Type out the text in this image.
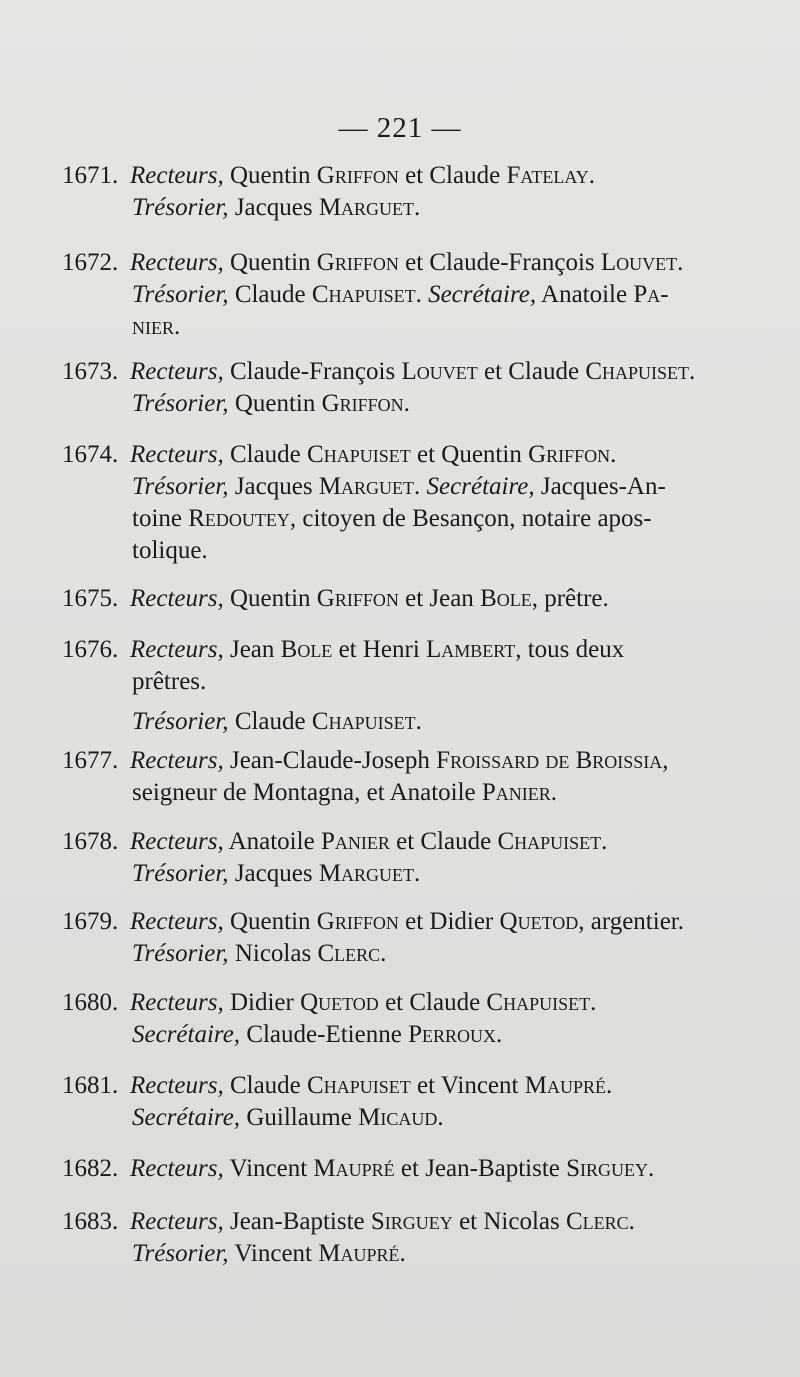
— 221 —
1671. Recteurs, Quentin Griffon et Claude Fatelay.
Trésorier, Jacques Marguet.
1672. Recteurs, Quentin Griffon et Claude-François Louvet.
Trésorier, Claude Chapuiset. Secrétaire, Anatoile Pa-
nier.
1673. Recteurs, Claude-François Louvet et Claude Chapuiset.
Trésorier, Quentin Griffon.
1674. Recteurs, Claude Chapuiset et Quentin Griffon.
Trésorier, Jacques Marguet. Secrétaire, Jacques-An-
toine Redoutey, citoyen de Besançon, notaire apos-
tolique.
1675. Recteurs, Quentin Griffon et Jean Bole, prêtre.
1676. Recteurs, Jean Bole et Henri Lambert, tous deux
prêtres.
Trésorier, Claude Chapuiset.
1677. Recteurs, Jean-Claude-Joseph Froissard de Broissia,
seigneur de Montagna, et Anatoile Panier.
1678. Recteurs, Anatoile Panier et Claude Chapuiset.
Trésorier, Jacques Marguet.
1679. Recteurs, Quentin Griffon et Didier Quetod, argentier.
Trésorier, Nicolas Clerc.
1680. Recteurs, Didier Quetod et Claude Chapuiset.
Secrétaire, Claude-Etienne Perroux.
1681. Recteurs, Claude Chapuiset et Vincent Maupré.
Secrétaire, Guillaume Micaud.
1682. Recteurs, Vincent Maupré et Jean-Baptiste Sirguey.
1683. Recteurs, Jean-Baptiste Sirguey et Nicolas Clerc.
Trésorier, Vincent Maupré.
